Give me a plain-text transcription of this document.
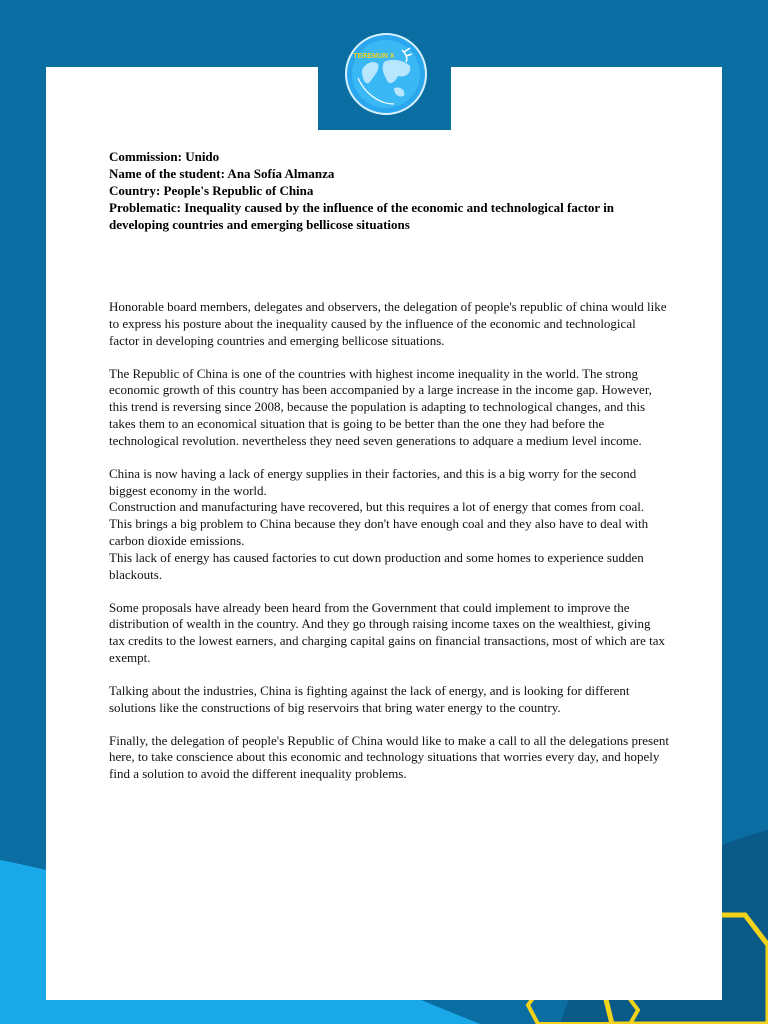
TEREMUN X
Commission: Unido
Name of the student: Ana Sofía Almanza
Country: People's Republic of China
Problematic: Inequality caused by the influence of the economic and technological factor in developing countries and emerging bellicose situations

Honorable board members, delegates and observers, the delegation of people's republic of china would like to express his posture about the inequality caused by the influence of the economic and technological factor in developing countries and emerging bellicose situations.

The Republic of China is one of the countries with highest income inequality in the world. The strong economic growth of this country has been accompanied by a large increase in the income gap. However, this trend is reversing since 2008, because the population is adapting to technological changes, and this takes them to an economical situation that is going to be better than the one they had before the technological revolution. nevertheless they need seven generations to adquare a medium level income.

China is now having a lack of energy supplies in their factories, and this is a big worry for the second biggest economy in the world.
Construction and manufacturing have recovered, but this requires a lot of energy that comes from coal.
This brings a big problem to China because they don't have enough coal and they also have to deal with carbon dioxide emissions.
This lack of energy has caused factories to cut down production and some homes to experience sudden blackouts.

Some proposals have already been heard from the Government that could implement to improve the distribution of wealth in the country. And they go through raising income taxes on the wealthiest, giving tax credits to the lowest earners, and charging capital gains on financial transactions, most of which are tax exempt.

Talking about the industries, China is fighting against the lack of energy, and is looking for different solutions like the constructions of big reservoirs that bring water energy to the country.

Finally, the delegation of people's Republic of China would like to make a call to all the delegations present here, to take conscience about this economic and technology situations that worries every day, and hopely find a solution to avoid the different inequality problems.
